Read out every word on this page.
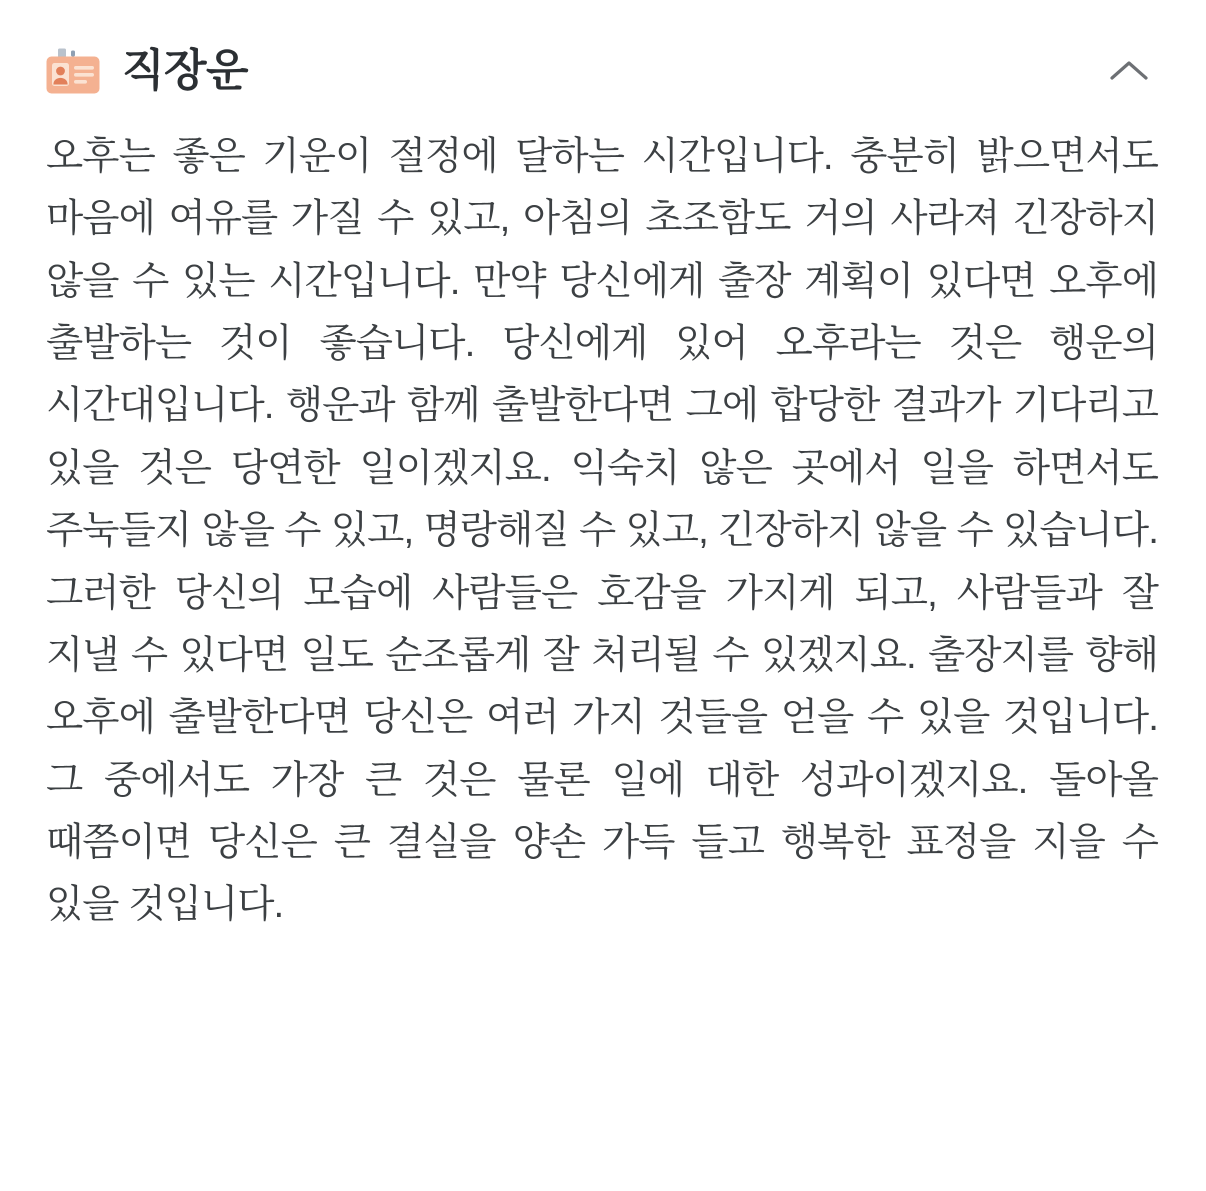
직장운

오후는 좋은 기운이 절정에 달하는 시간입니다. 충분히 밝으면서도 마음에 여유를 가질 수 있고, 아침의 초조함도 거의 사라져 긴장하지 않을 수 있는 시간입니다. 만약 당신에게 출장 계획이 있다면 오후에 출발하는 것이 좋습니다. 당신에게 있어 오후라는 것은 행운의 시간대입니다. 행운과 함께 출발한다면 그에 합당한 결과가 기다리고 있을 것은 당연한 일이겠지요. 익숙치 않은 곳에서 일을 하면서도 주눅들지 않을 수 있고, 명랑해질 수 있고, 긴장하지 않을 수 있습니다. 그러한 당신의 모습에 사람들은 호감을 가지게 되고, 사람들과 잘 지낼 수 있다면 일도 순조롭게 잘 처리될 수 있겠지요. 출장지를 향해 오후에 출발한다면 당신은 여러 가지 것들을 얻을 수 있을 것입니다. 그 중에서도 가장 큰 것은 물론 일에 대한 성과이겠지요. 돌아올 때쯤이면 당신은 큰 결실을 양손 가득 들고 행복한 표정을 지을 수 있을 것입니다.
